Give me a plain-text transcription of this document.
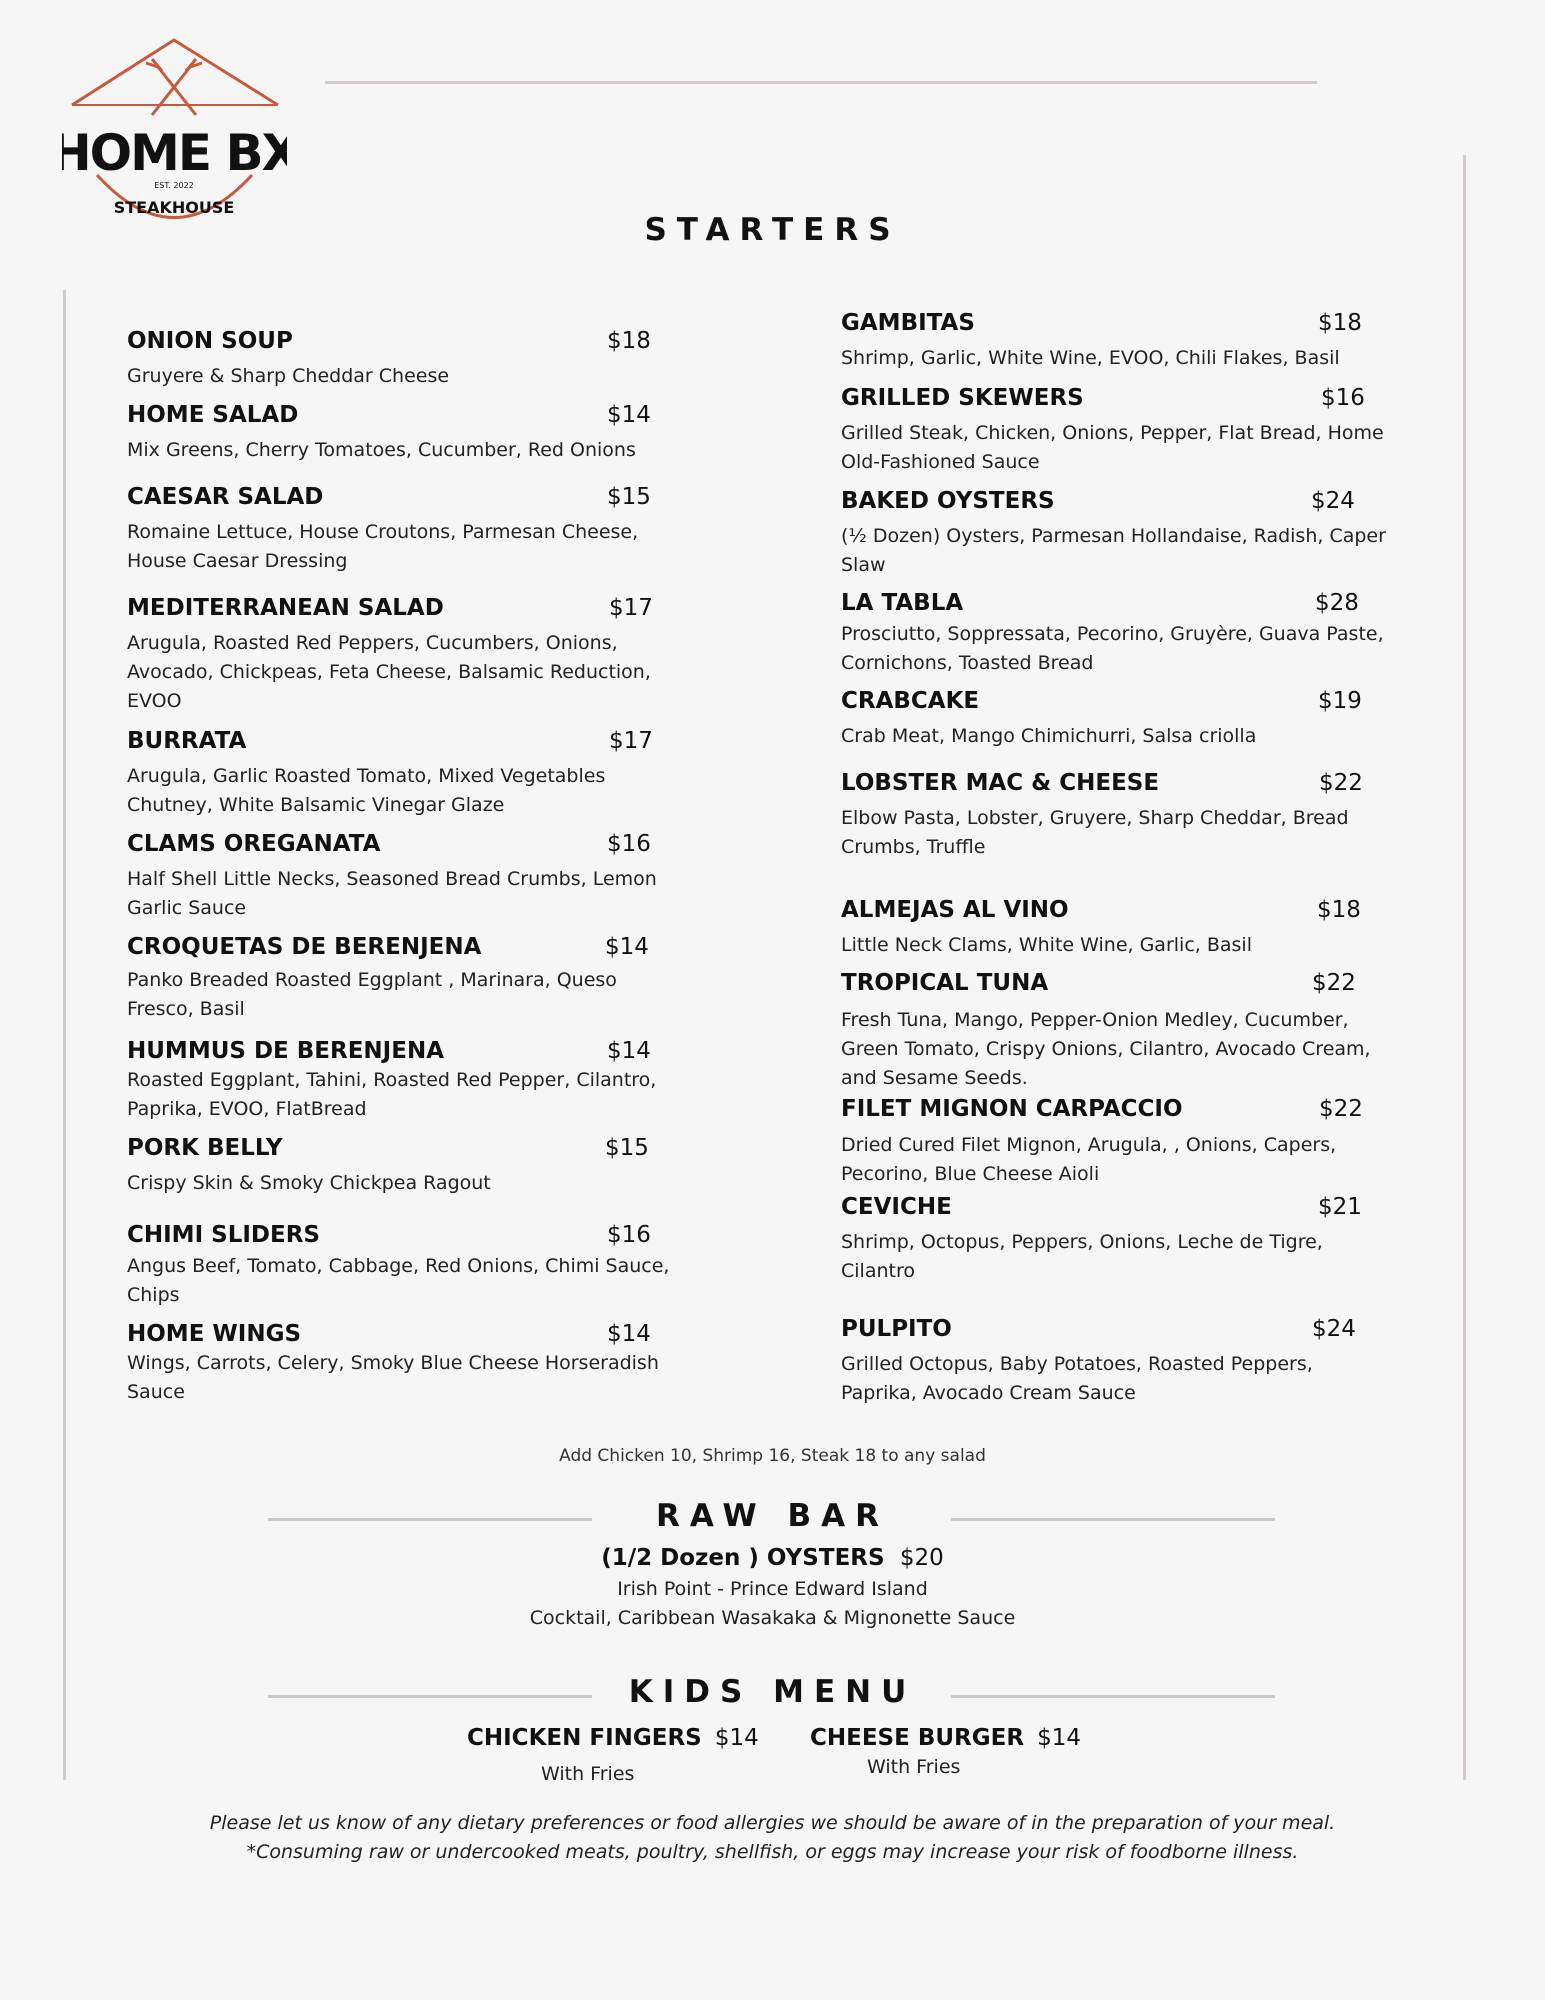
HOME BX
EST. 2022
STEAKHOUSE
STARTERS
ONION SOUP	$18
Gruyere & Sharp Cheddar Cheese
HOME SALAD	$14
Mix Greens, Cherry Tomatoes, Cucumber, Red Onions
CAESAR SALAD	$15
Romaine Lettuce, House Croutons, Parmesan Cheese,
House Caesar Dressing
MEDITERRANEAN SALAD	$17
Arugula, Roasted Red Peppers, Cucumbers, Onions,
Avocado, Chickpeas, Feta Cheese, Balsamic Reduction,
EVOO
BURRATA	$17
Arugula, Garlic Roasted Tomato, Mixed Vegetables
Chutney, White Balsamic Vinegar Glaze
CLAMS OREGANATA	$16
Half Shell Little Necks, Seasoned Bread Crumbs, Lemon
Garlic Sauce
CROQUETAS DE BERENJENA	$14
Panko Breaded Roasted Eggplant , Marinara, Queso
Fresco, Basil
HUMMUS DE BERENJENA	$14
Roasted Eggplant, Tahini, Roasted Red Pepper, Cilantro,
Paprika, EVOO, FlatBread
PORK BELLY	$15
Crispy Skin & Smoky Chickpea Ragout
CHIMI SLIDERS	$16
Angus Beef, Tomato, Cabbage, Red Onions, Chimi Sauce,
Chips
HOME WINGS	$14
Wings, Carrots, Celery, Smoky Blue Cheese Horseradish
Sauce
GAMBITAS	$18
Shrimp, Garlic, White Wine, EVOO, Chili Flakes, Basil
GRILLED SKEWERS	$16
Grilled Steak, Chicken, Onions, Pepper, Flat Bread, Home
Old-Fashioned Sauce
BAKED OYSTERS	$24
(½ Dozen) Oysters, Parmesan Hollandaise, Radish, Caper
Slaw
LA TABLA	$28
Prosciutto, Soppressata, Pecorino, Gruyère, Guava Paste,
Cornichons, Toasted Bread
CRABCAKE	$19
Crab Meat, Mango Chimichurri, Salsa criolla
LOBSTER MAC & CHEESE	$22
Elbow Pasta, Lobster, Gruyere, Sharp Cheddar, Bread
Crumbs, Truffle
ALMEJAS AL VINO	$18
Little Neck Clams, White Wine, Garlic, Basil
TROPICAL TUNA	$22
Fresh Tuna, Mango, Pepper-Onion Medley, Cucumber,
Green Tomato, Crispy Onions, Cilantro, Avocado Cream,
and Sesame Seeds.
FILET MIGNON CARPACCIO	$22
Dried Cured Filet Mignon, Arugula, , Onions, Capers,
Pecorino, Blue Cheese Aioli
CEVICHE	$21
Shrimp, Octopus, Peppers, Onions, Leche de Tigre,
Cilantro
PULPITO	$24
Grilled Octopus, Baby Potatoes, Roasted Peppers,
Paprika, Avocado Cream Sauce
Add Chicken 10, Shrimp 16, Steak 18 to any salad
RAW BAR
(1/2 Dozen ) OYSTERS $20
Irish Point - Prince Edward Island
Cocktail, Caribbean Wasakaka & Mignonette Sauce
KIDS MENU
CHICKEN FINGERS $14
With Fries
CHEESE BURGER $14
With Fries
Please let us know of any dietary preferences or food allergies we should be aware of in the preparation of your meal.
*Consuming raw or undercooked meats, poultry, shellfish, or eggs may increase your risk of foodborne illness.
